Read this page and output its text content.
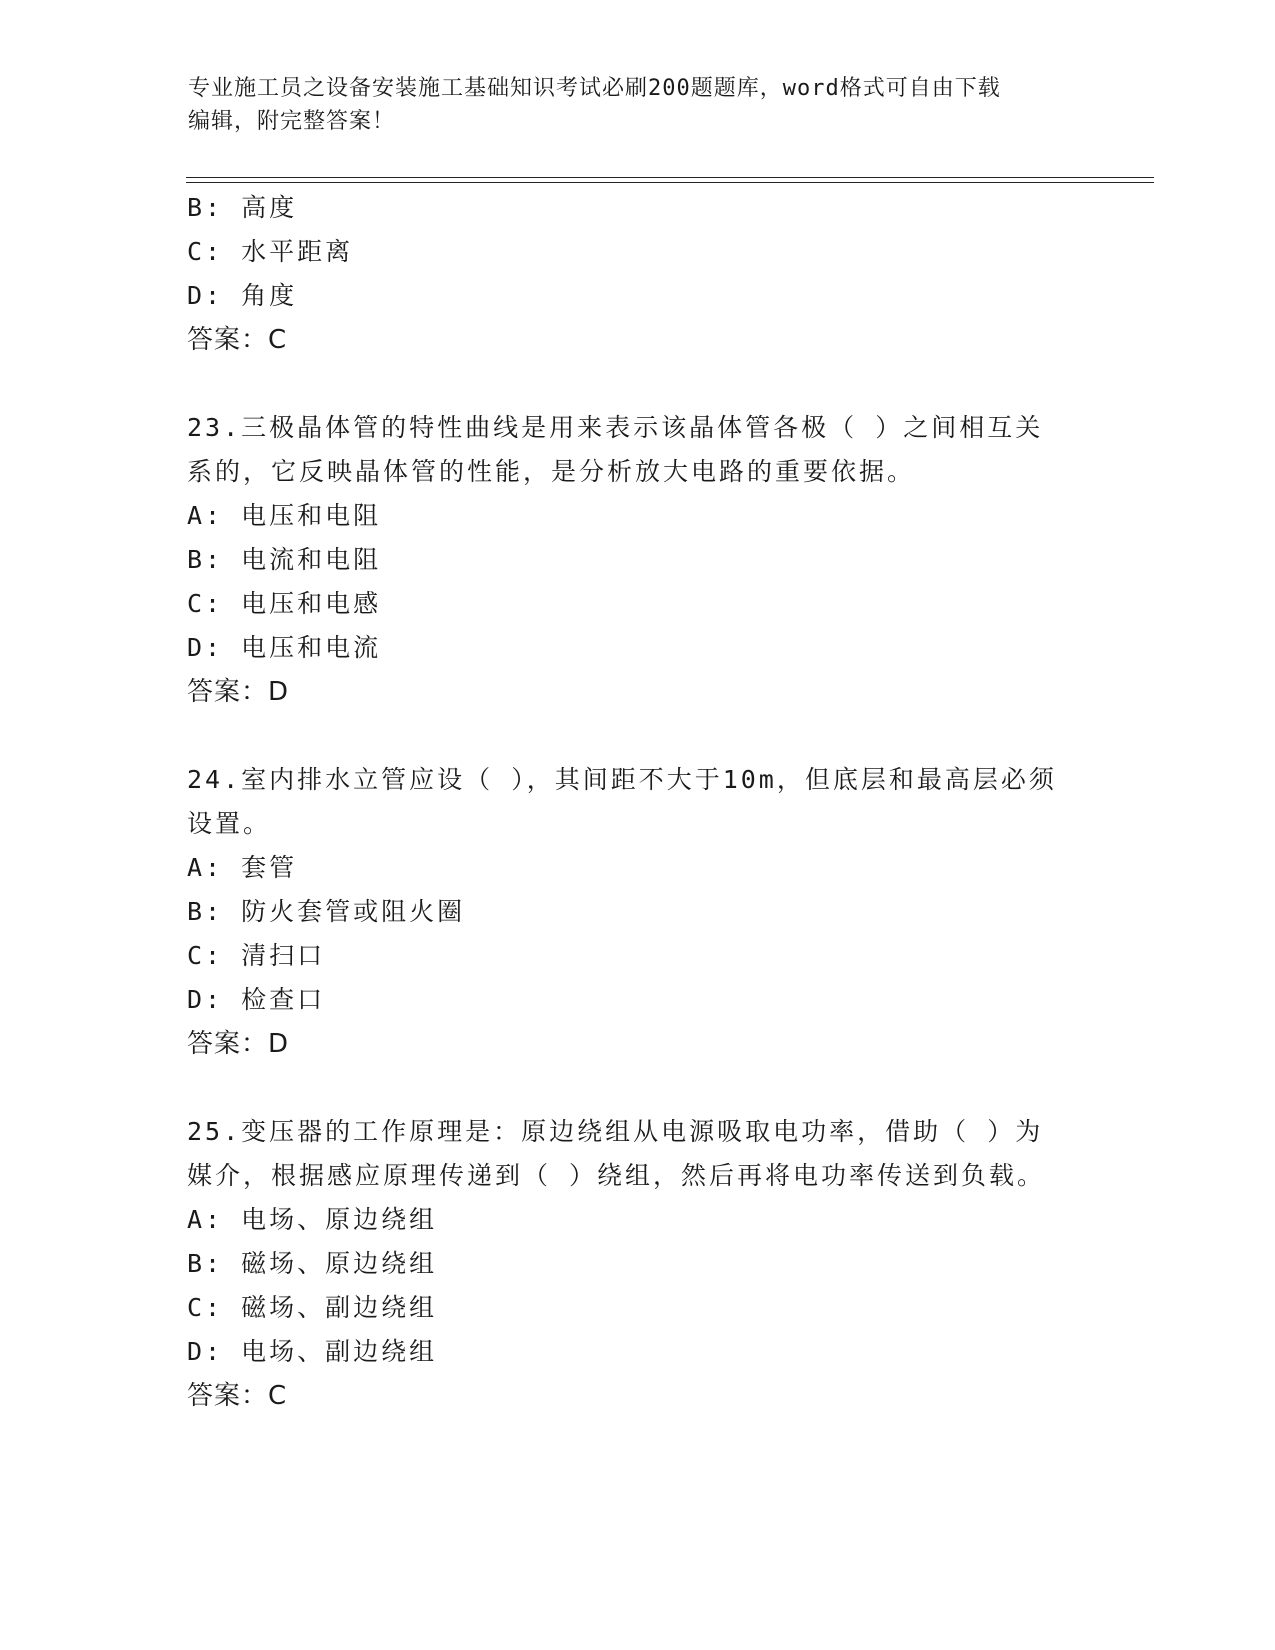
专业施工员之设备安装施工基础知识考试必刷200题题库，word格式可自由下载
编辑，附完整答案！
B: 高度
C: 水平距离
D: 角度
答案：C
23.三极晶体管的特性曲线是用来表示该晶体管各极（ ）之间相互关
系的，它反映晶体管的性能，是分析放大电路的重要依据。
A: 电压和电阻
B: 电流和电阻
C: 电压和电感
D: 电压和电流
答案：D
24.室内排水立管应设（ ），其间距不大于10m，但底层和最高层必须
设置。
A: 套管
B: 防火套管或阻火圈
C: 清扫口
D: 检查口
答案：D
25.变压器的工作原理是：原边绕组从电源吸取电功率，借助（ ）为
媒介，根据感应原理传递到（ ）绕组，然后再将电功率传送到负载。
A: 电场、原边绕组
B: 磁场、原边绕组
C: 磁场、副边绕组
D: 电场、副边绕组
答案：C
